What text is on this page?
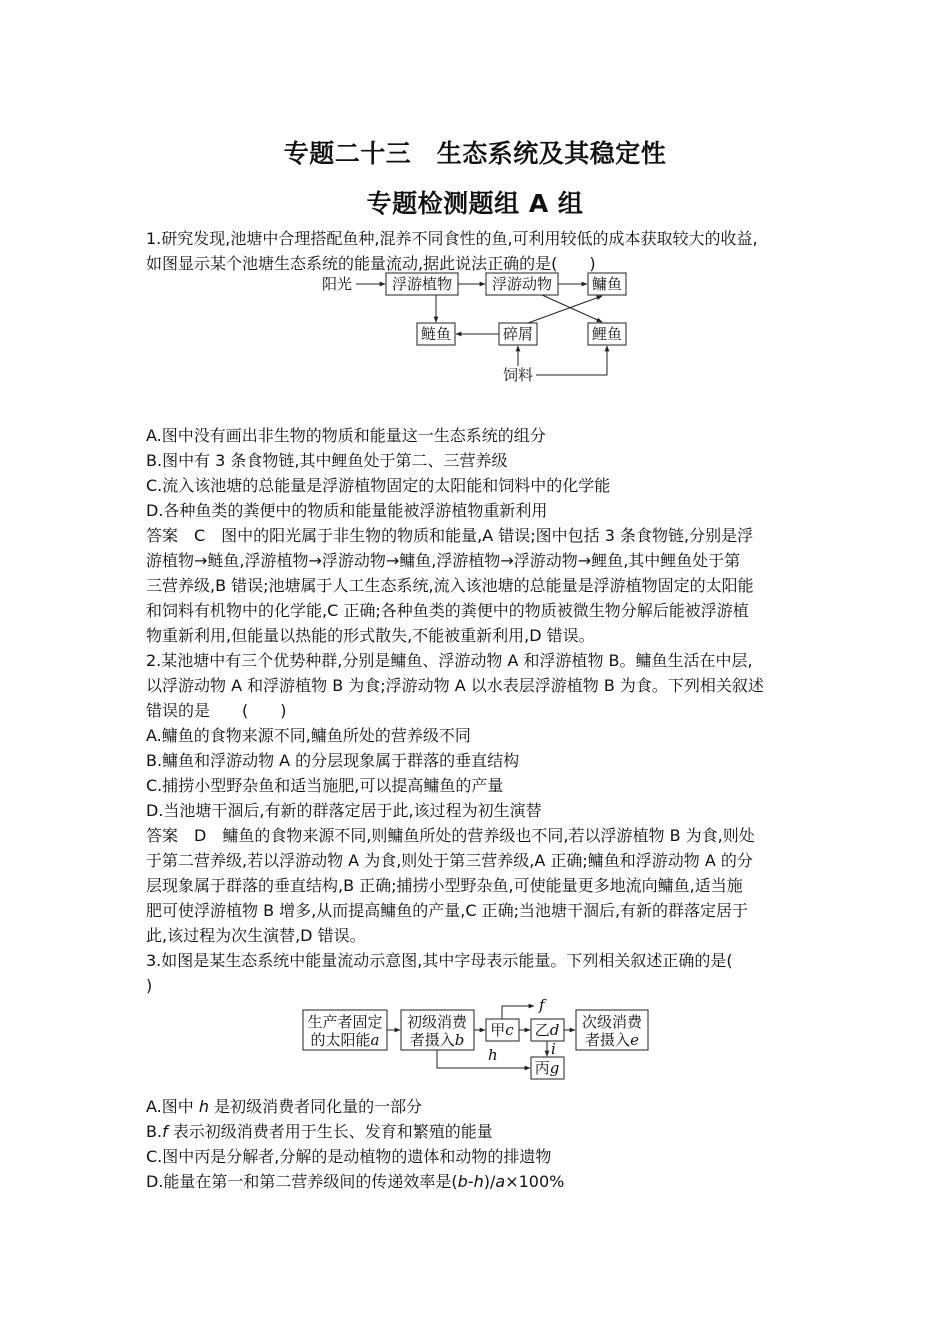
专题二十三　生态系统及其稳定性
专题检测题组 A 组
1.研究发现,池塘中合理搭配鱼种,混养不同食性的鱼,可利用较低的成本获取较大的收益,
如图显示某个池塘生态系统的能量流动,据此说法正确的是(　　)
阳光	浮游植物	浮游动物	鳙鱼
鲢鱼	碎屑	鲤鱼
饲料
A.图中没有画出非生物的物质和能量这一生态系统的组分
B.图中有 3 条食物链,其中鲤鱼处于第二、三营养级
C.流入该池塘的总能量是浮游植物固定的太阳能和饲料中的化学能
D.各种鱼类的粪便中的物质和能量能被浮游植物重新利用
答案　C　图中的阳光属于非生物的物质和能量,A 错误;图中包括 3 条食物链,分别是浮
游植物→鲢鱼,浮游植物→浮游动物→鳙鱼,浮游植物→浮游动物→鲤鱼,其中鲤鱼处于第
三营养级,B 错误;池塘属于人工生态系统,流入该池塘的总能量是浮游植物固定的太阳能
和饲料有机物中的化学能,C 正确;各种鱼类的粪便中的物质被微生物分解后能被浮游植
物重新利用,但能量以热能的形式散失,不能被重新利用,D 错误。
2.某池塘中有三个优势种群,分别是鳙鱼、浮游动物 A 和浮游植物 B。鳙鱼生活在中层,
以浮游动物 A 和浮游植物 B 为食;浮游动物 A 以水表层浮游植物 B 为食。下列相关叙述
错误的是　　(　　)
A.鳙鱼的食物来源不同,鳙鱼所处的营养级不同
B.鳙鱼和浮游动物 A 的分层现象属于群落的垂直结构
C.捕捞小型野杂鱼和适当施肥,可以提高鳙鱼的产量
D.当池塘干涸后,有新的群落定居于此,该过程为初生演替
答案　D　鳙鱼的食物来源不同,则鳙鱼所处的营养级也不同,若以浮游植物 B 为食,则处
于第二营养级,若以浮游动物 A 为食,则处于第三营养级,A 正确;鳙鱼和浮游动物 A 的分
层现象属于群落的垂直结构,B 正确;捕捞小型野杂鱼,可使能量更多地流向鳙鱼,适当施
肥可使浮游植物 B 增多,从而提高鳙鱼的产量,C 正确;当池塘干涸后,有新的群落定居于
此,该过程为次生演替,D 错误。
3.如图是某生态系统中能量流动示意图,其中字母表示能量。下列相关叙述正确的是(
)
生产者固定
的太阳能a
初级消费
者摄入b
甲c 乙d 次级消费
者摄入e
丙g
f
h	i
A.图中 h 是初级消费者同化量的一部分
B.f 表示初级消费者用于生长、发育和繁殖的能量
C.图中丙是分解者,分解的是动植物的遗体和动物的排遗物
D.能量在第一和第二营养级间的传递效率是(b-h)/a×100%
